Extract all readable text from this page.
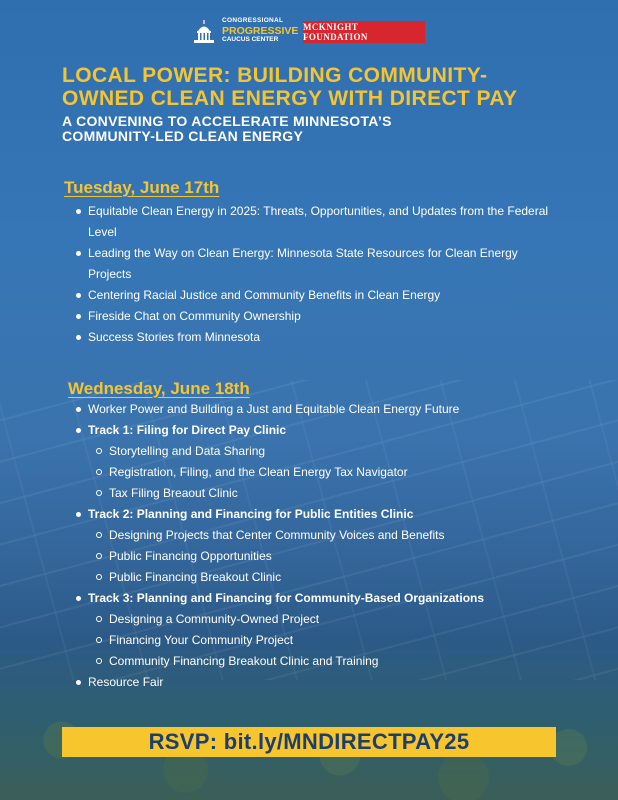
CONGRESSIONAL
PROGRESSIVE
CAUCUS CENTER
MCKNIGHT FOUNDATION
LOCAL POWER: BUILDING COMMUNITY-
OWNED CLEAN ENERGY WITH DIRECT PAY
A CONVENING TO ACCELERATE MINNESOTA’S
COMMUNITY-LED CLEAN ENERGY
Tuesday, June 17th
Equitable Clean Energy in 2025: Threats, Opportunities, and Updates from the Federal Level
Leading the Way on Clean Energy: Minnesota State Resources for Clean Energy Projects
Centering Racial Justice and Community Benefits in Clean Energy
Fireside Chat on Community Ownership
Success Stories from Minnesota
Wednesday, June 18th
Worker Power and Building a Just and Equitable Clean Energy Future
Track 1: Filing for Direct Pay Clinic
Storytelling and Data Sharing
Registration, Filing, and the Clean Energy Tax Navigator
Tax Filing Breaout Clinic
Track 2: Planning and Financing for Public Entities Clinic
Designing Projects that Center Community Voices and Benefits
Public Financing Opportunities
Public Financing Breakout Clinic
Track 3: Planning and Financing for Community-Based Organizations
Designing a Community-Owned Project
Financing Your Community Project
Community Financing Breakout Clinic and Training
Resource Fair
RSVP: bit.ly/MNDIRECTPAY25
